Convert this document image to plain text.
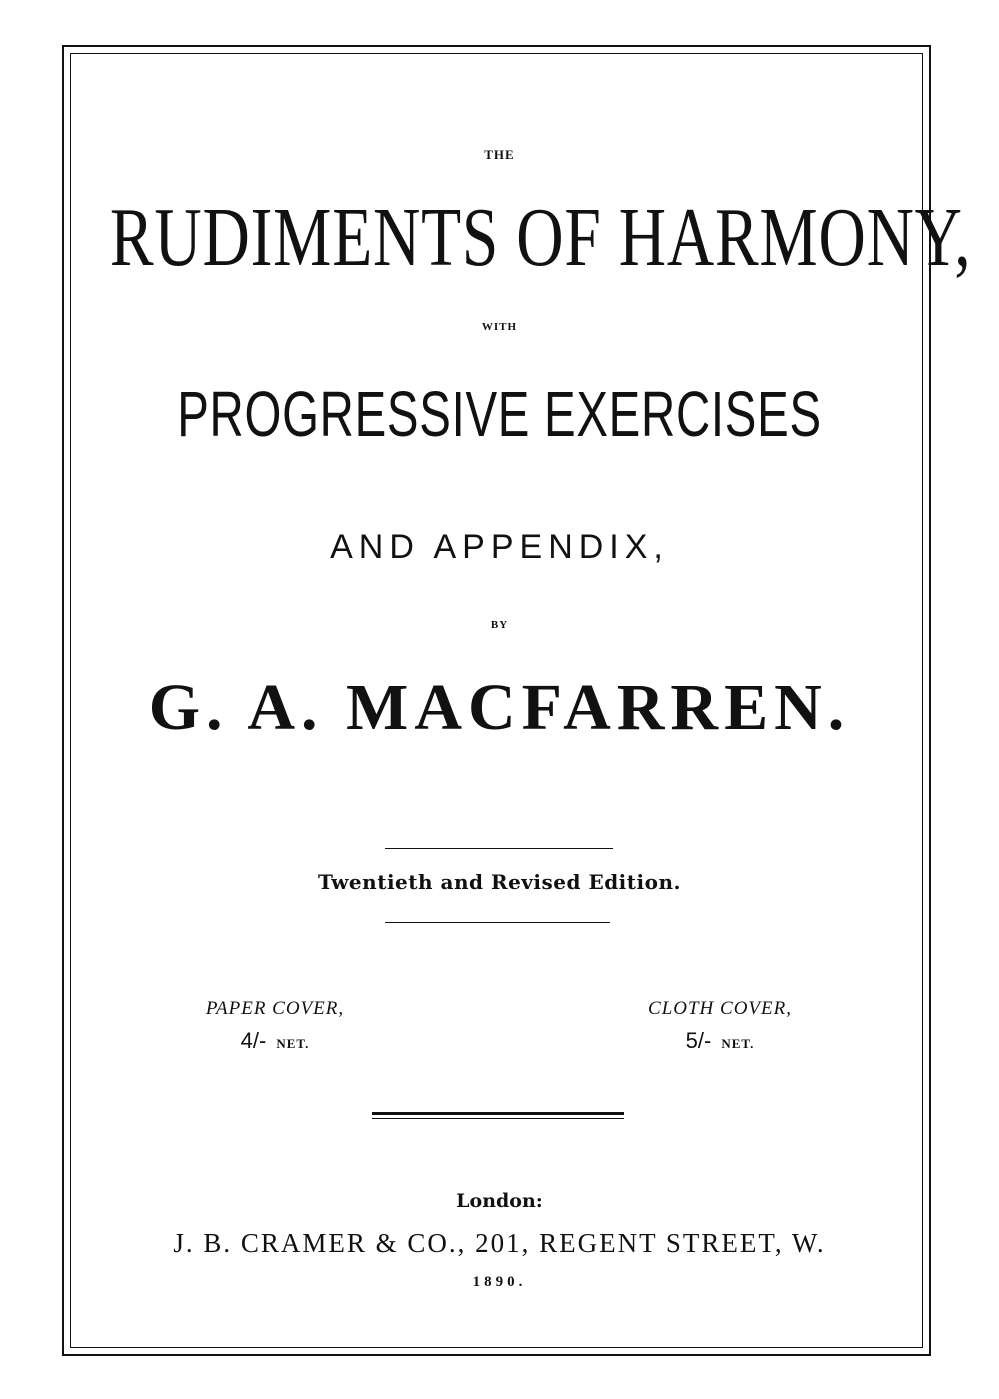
THE
RUDIMENTS OF HARMONY,
WITH
PROGRESSIVE EXERCISES
AND APPENDIX,
BY
G. A. MACFARREN.
Twentieth and Revised Edition.
PAPER COVER,
4/- NET.
CLOTH COVER,
5/- NET.
London:
J. B. CRAMER & CO., 201, REGENT STREET, W.
1890.
